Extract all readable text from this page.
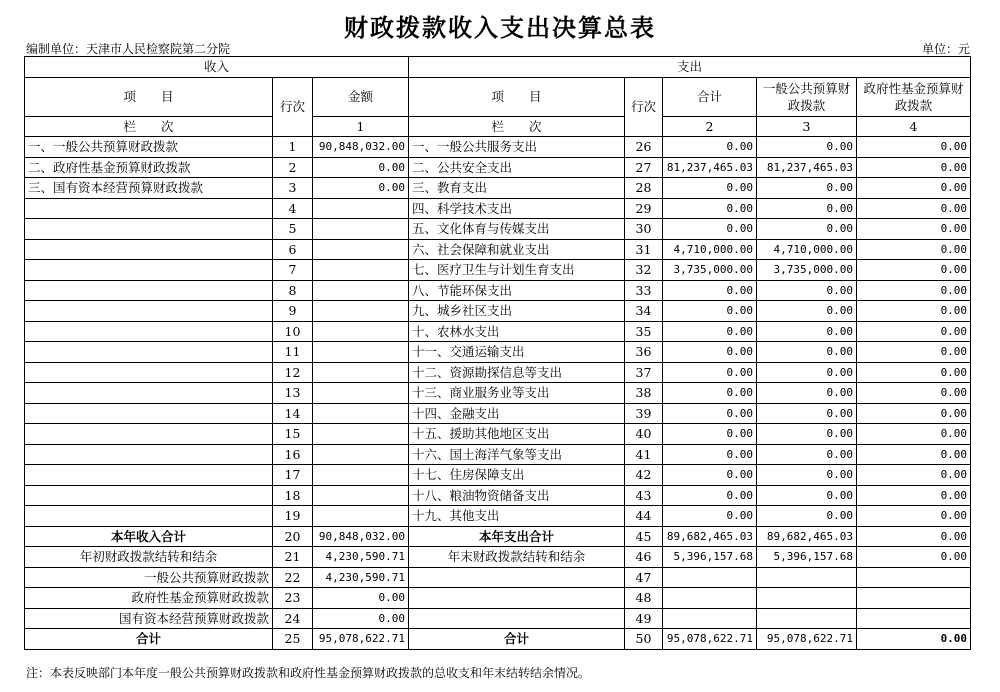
财政拨款收入支出决算总表
编制单位：天津市人民检察院第二分院	单位：元
收入			支出				
项　　目	行次	金额	项　　目	行次	合计	一般公共预算财政拨款	政府性基金预算财政拨款
栏　　次		1	栏　　次		2	3	4
一、一般公共预算财政拨款	1	90,848,032.00	一、一般公共服务支出	26	0.00	0.00	0.00
二、政府性基金预算财政拨款	2	0.00	二、公共安全支出	27	81,237,465.03	81,237,465.03	0.00
三、国有资本经营预算财政拨款	3	0.00	三、教育支出	28	0.00	0.00	0.00
	4		四、科学技术支出	29	0.00	0.00	0.00
	5		五、文化体育与传媒支出	30	0.00	0.00	0.00
	6		六、社会保障和就业支出	31	4,710,000.00	4,710,000.00	0.00
	7		七、医疗卫生与计划生育支出	32	3,735,000.00	3,735,000.00	0.00
	8		八、节能环保支出	33	0.00	0.00	0.00
	9		九、城乡社区支出	34	0.00	0.00	0.00
	10		十、农林水支出	35	0.00	0.00	0.00
	11		十一、交通运输支出	36	0.00	0.00	0.00
	12		十二、资源勘探信息等支出	37	0.00	0.00	0.00
	13		十三、商业服务业等支出	38	0.00	0.00	0.00
	14		十四、金融支出	39	0.00	0.00	0.00
	15		十五、援助其他地区支出	40	0.00	0.00	0.00
	16		十六、国土海洋气象等支出	41	0.00	0.00	0.00
	17		十七、住房保障支出	42	0.00	0.00	0.00
	18		十八、粮油物资储备支出	43	0.00	0.00	0.00
	19		十九、其他支出	44	0.00	0.00	0.00
本年收入合计	20	90,848,032.00	本年支出合计	45	89,682,465.03	89,682,465.03	0.00
年初财政拨款结转和结余	21	4,230,590.71	年末财政拨款结转和结余	46	5,396,157.68	5,396,157.68	0.00
一般公共预算财政拨款	22	4,230,590.71		47			
政府性基金预算财政拨款	23	0.00		48			
国有资本经营预算财政拨款	24	0.00		49			
合计	25	95,078,622.71	合计	50	95,078,622.71	95,078,622.71	0.00
注：本表反映部门本年度一般公共预算财政拨款和政府性基金预算财政拨款的总收支和年末结转结余情况。
